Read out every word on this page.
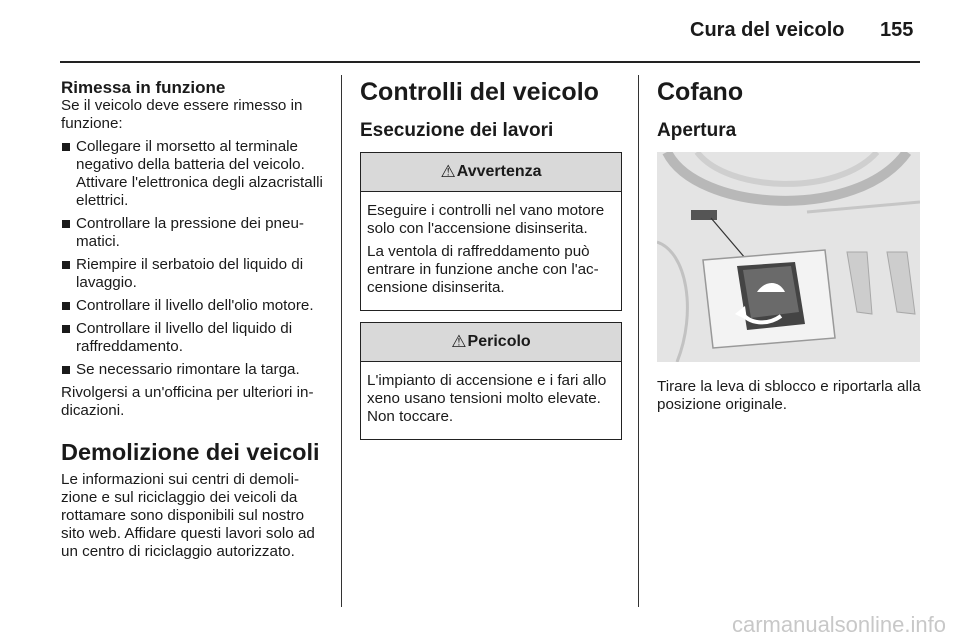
Cura del veicolo 155
Rimessa in funzione

Se il veicolo deve essere rimesso in funzione:

Collegare il morsetto al terminale negativo della batteria del veicolo. Attivare l'elettronica degli alzacristalli elettrici.
Controllare la pressione dei pneumatici.
Riempire il serbatoio del liquido di lavaggio.
Controllare il livello dell'olio motore.
Controllare il livello del liquido di raffreddamento.
Se necessario rimontare la targa.

Rivolgersi a un'officina per ulteriori indicazioni.

Demolizione dei veicoli

Le informazioni sui centri di demolizione e sul riciclaggio dei veicoli da rottamare sono disponibili sul nostro sito web. Affidare questi lavori solo ad un centro di riciclaggio autorizzato.

Controlli del veicolo
Esecuzione dei lavori
⚠ Avvertenza

Eseguire i controlli nel vano motore solo con l'accensione disinserita.

La ventola di raffreddamento può entrare in funzione anche con l'accensione disinserita.

⚠ Pericolo

L'impianto di accensione e i fari allo xeno usano tensioni molto elevate. Non toccare.

Cofano
Apertura

Tirare la leva di sblocco e riportarla alla posizione originale.

carmanualsonline.info
